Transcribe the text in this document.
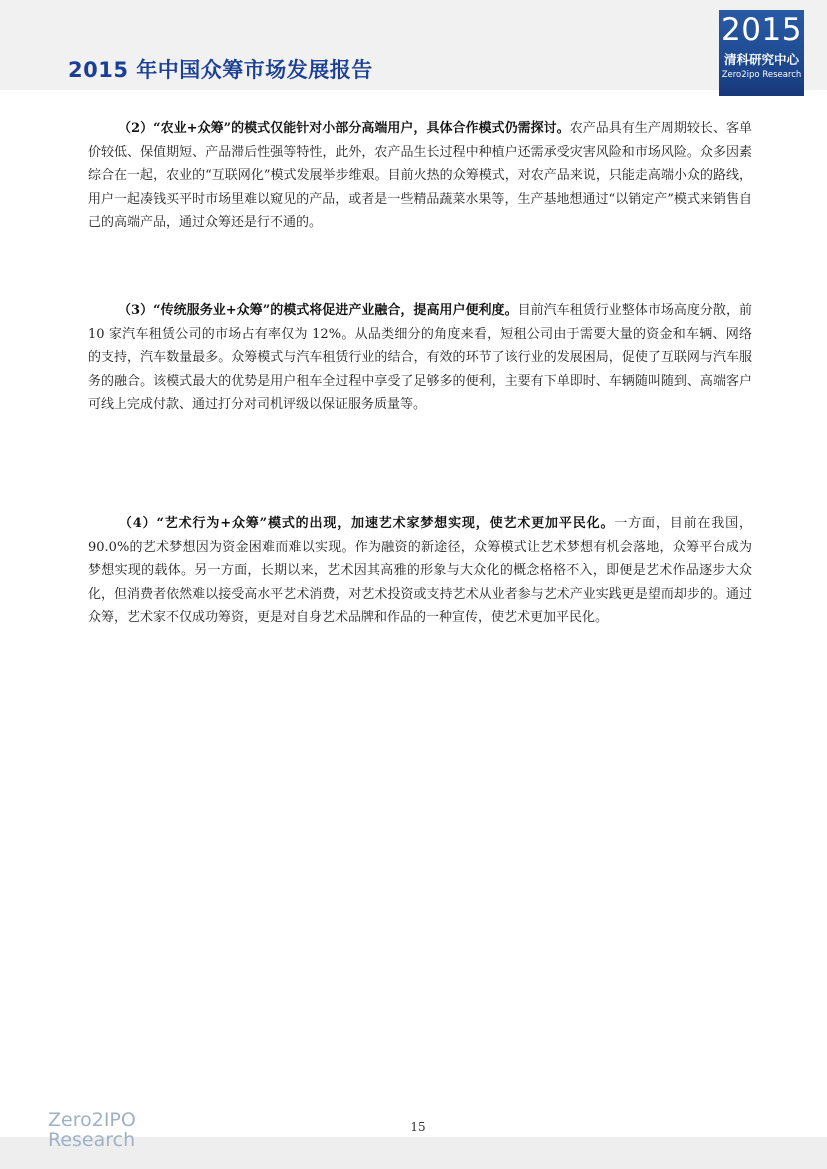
2015 年中国众筹市场发展报告
2015
清科研究中心
Zero2ipo Research

（2）“农业+众筹”的模式仅能针对小部分高端用户，具体合作模式仍需探讨。农产品具有生产周期较长、客单价较低、保值期短、产品滞后性强等特性，此外，农产品生长过程中种植户还需承受灾害风险和市场风险。众多因素综合在一起，农业的“互联网化”模式发展举步维艰。目前火热的众筹模式，对农产品来说，只能走高端小众的路线，用户一起凑钱买平时市场里难以窥见的产品，或者是一些精品蔬菜水果等，生产基地想通过“以销定产”模式来销售自己的高端产品，通过众筹还是行不通的。

（3）“传统服务业+众筹”的模式将促进产业融合，提高用户便利度。目前汽车租赁行业整体市场高度分散，前 10 家汽车租赁公司的市场占有率仅为 12%。从品类细分的角度来看，短租公司由于需要大量的资金和车辆、网络的支持，汽车数量最多。众筹模式与汽车租赁行业的结合，有效的环节了该行业的发展困局，促使了互联网与汽车服务的融合。该模式最大的优势是用户租车全过程中享受了足够多的便利，主要有下单即时、车辆随叫随到、高端客户可线上完成付款、通过打分对司机评级以保证服务质量等。

（4）“艺术行为+众筹”模式的出现，加速艺术家梦想实现，使艺术更加平民化。一方面，目前在我国，90.0%的艺术梦想因为资金困难而难以实现。作为融资的新途径，众筹模式让艺术梦想有机会落地，众筹平台成为梦想实现的载体。另一方面，长期以来，艺术因其高雅的形象与大众化的概念格格不入，即便是艺术作品逐步大众化，但消费者依然难以接受高水平艺术消费，对艺术投资或支持艺术从业者参与艺术产业实践更是望而却步的。通过众筹，艺术家不仅成功筹资，更是对自身艺术品牌和作品的一种宣传，使艺术更加平民化。

Zero2IPO
Research
15
